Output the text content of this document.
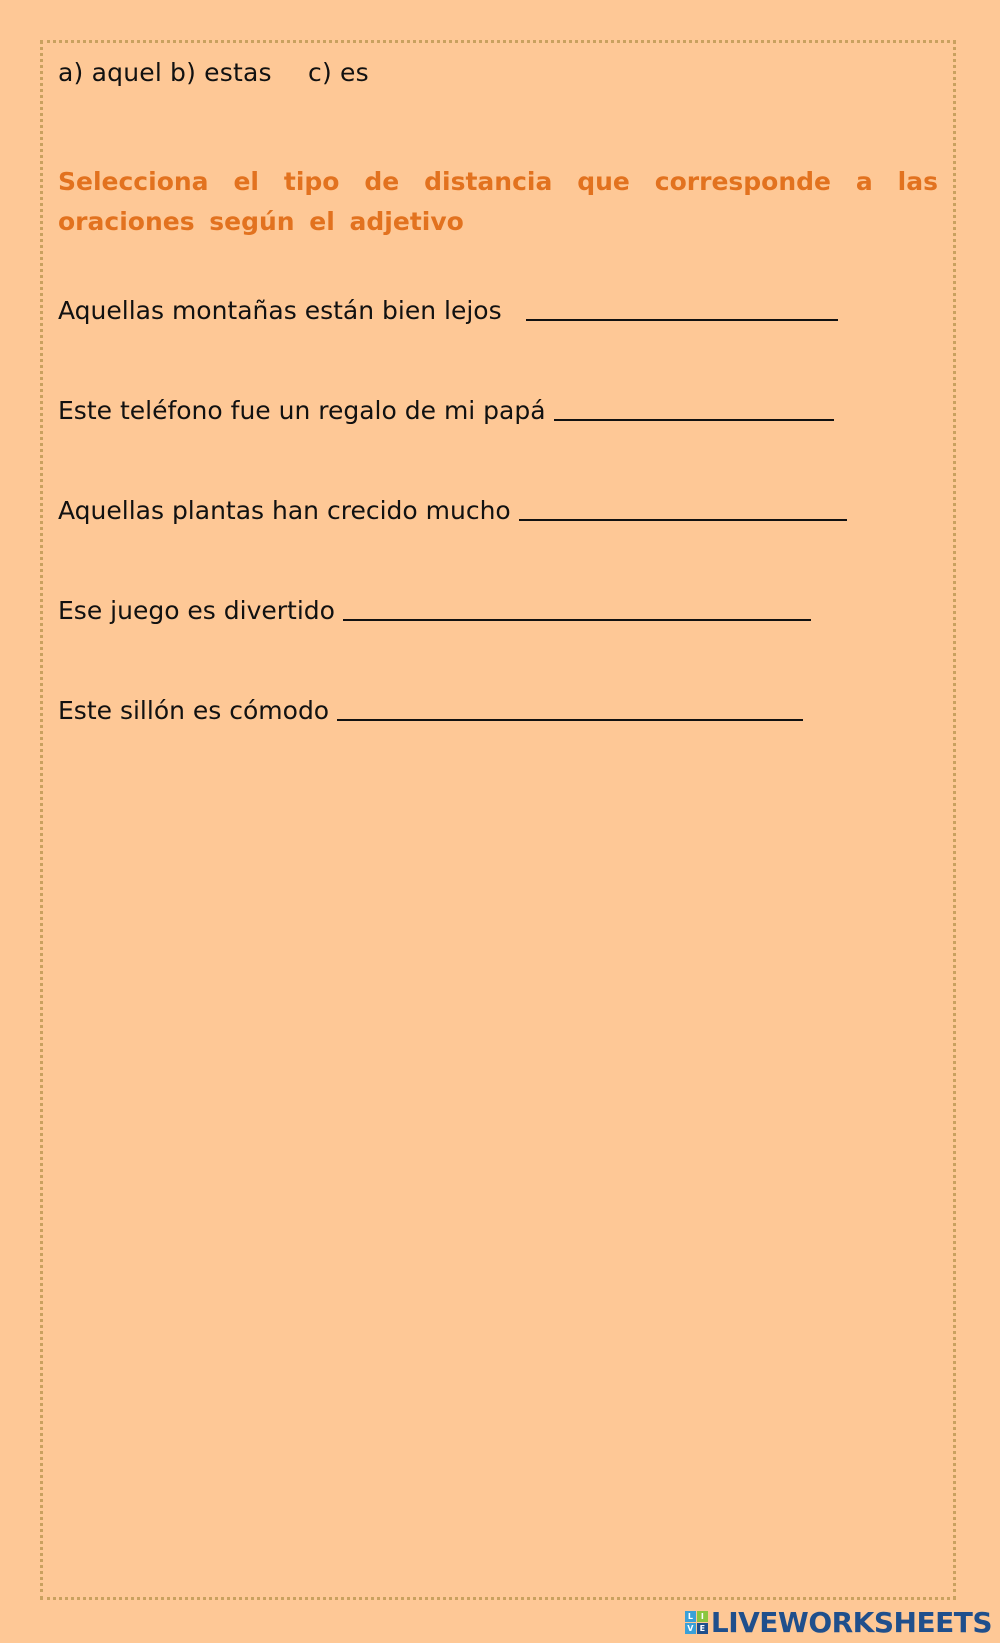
a) aquel b) estas c) es
Selecciona el tipo de distancia que corresponde a las oraciones según el adjetivo
Aquellas montañas están bien lejos
Este teléfono fue un regalo de mi papá
Aquellas plantas han crecido mucho
Ese juego es divertido
Este sillón es cómodo
L I
V E LIVEWORKSHEETS
